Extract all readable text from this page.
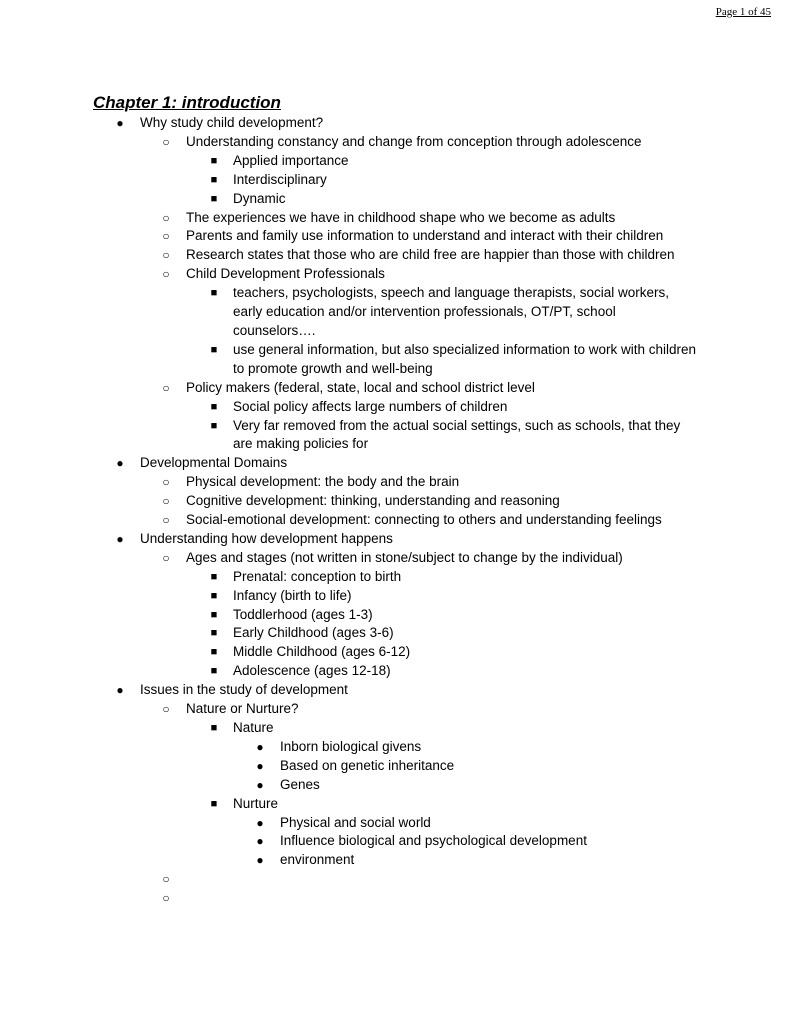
Page 1 of 45
Chapter 1: introduction
● Why study child development?
○ Understanding constancy and change from conception through adolescence
■ Applied importance
■ Interdisciplinary
■ Dynamic
○ The experiences we have in childhood shape who we become as adults
○ Parents and family use information to understand and interact with their children
○ Research states that those who are child free are happier than those with children
○ Child Development Professionals
■ teachers, psychologists, speech and language therapists, social workers, early education and/or intervention professionals, OT/PT, school counselors….
■ use general information, but also specialized information to work with children to promote growth and well-being
○ Policy makers (federal, state, local and school district level
■ Social policy affects large numbers of children
■ Very far removed from the actual social settings, such as schools, that they are making policies for
● Developmental Domains
○ Physical development: the body and the brain
○ Cognitive development: thinking, understanding and reasoning
○ Social-emotional development: connecting to others and understanding feelings
● Understanding how development happens
○ Ages and stages (not written in stone/subject to change by the individual)
■ Prenatal: conception to birth
■ Infancy (birth to life)
■ Toddlerhood (ages 1-3)
■ Early Childhood (ages 3-6)
■ Middle Childhood (ages 6-12)
■ Adolescence (ages 12-18)
● Issues in the study of development
○ Nature or Nurture?
■ Nature
● Inborn biological givens
● Based on genetic inheritance
● Genes
■ Nurture
● Physical and social world
● Influence biological and psychological development
● environment
○

○
